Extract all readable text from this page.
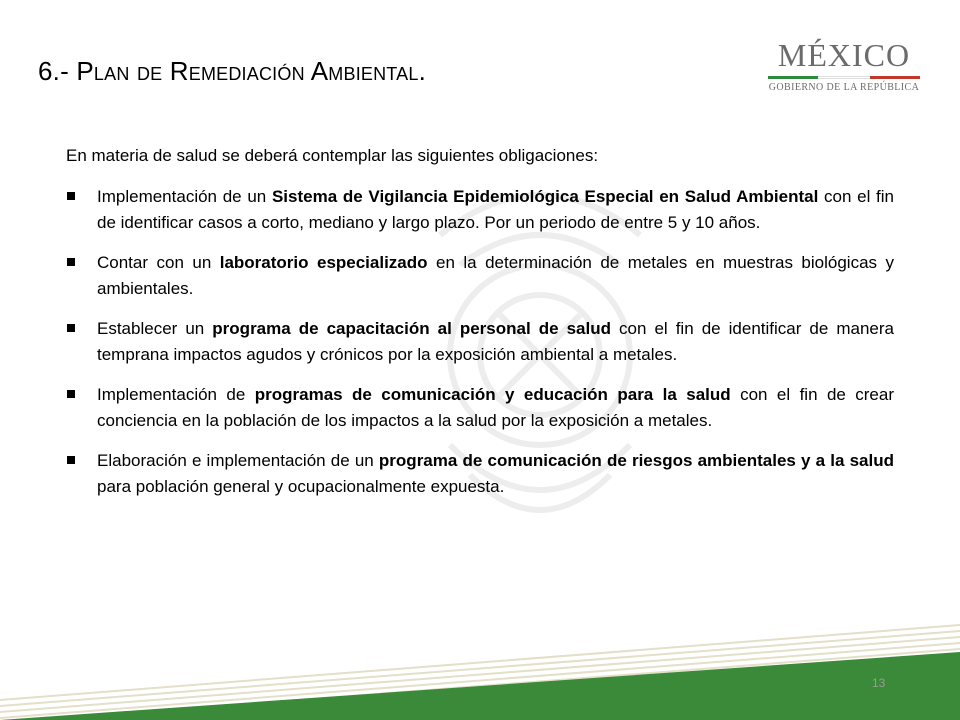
6.- Plan de Remediación Ambiental.	MÉXICO
GOBIERNO DE LA REPÚBLICA
En materia de salud se deberá contemplar las siguientes obligaciones:
Implementación de un Sistema de Vigilancia Epidemiológica Especial en Salud Ambiental con el fin de identificar casos a corto, mediano y largo plazo. Por un periodo de entre 5 y 10 años.
Contar con un laboratorio especializado en la determinación de metales en muestras biológicas y ambientales.
Establecer un programa de capacitación al personal de salud con el fin de identificar de manera temprana impactos agudos y crónicos por la exposición ambiental a metales.
Implementación de programas de comunicación y educación para la salud con el fin de crear conciencia en la población de los impactos a la salud por la exposición a metales.
Elaboración e implementación de un programa de comunicación de riesgos ambientales y a la salud para población general y ocupacionalmente expuesta.
13
